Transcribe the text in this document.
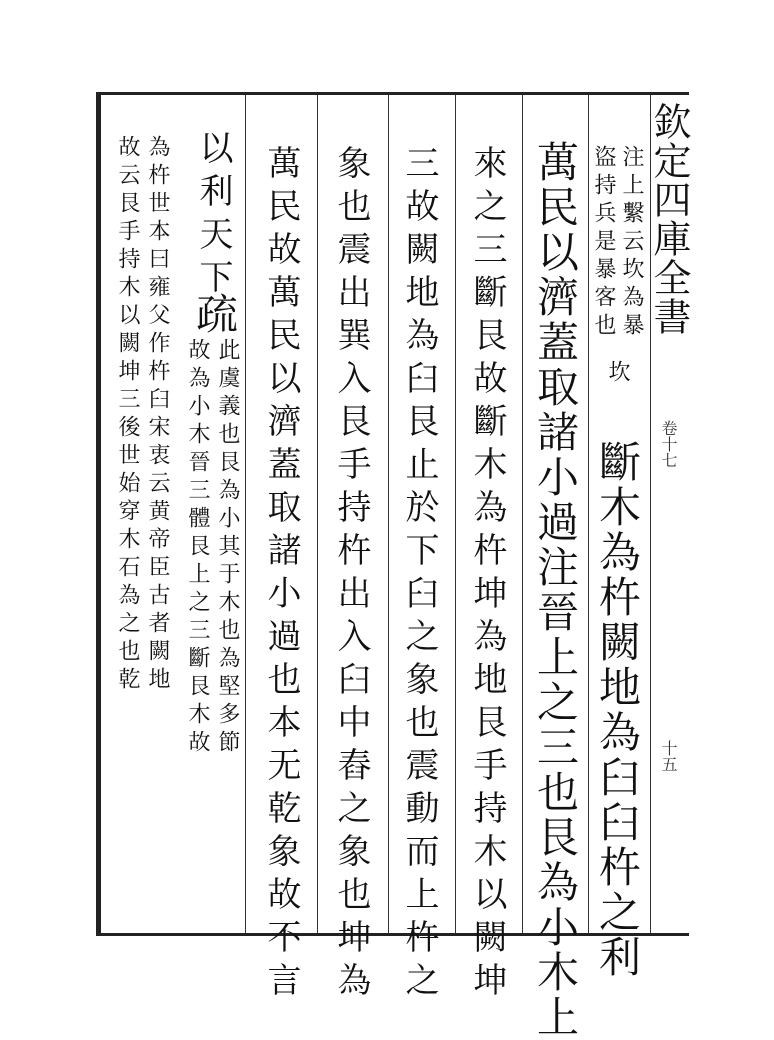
欽定四庫全書
卷十七
十五
注上繫云坎為暴
盜持兵是暴客也
坎
斷木為杵闕地為臼臼杵之利
萬民以濟蓋取諸小過注晉上之三也艮為小木上
來之三斷艮故斷木為杵坤為地艮手持木以闕坤
三故闕地為臼艮止於下臼之象也震動而上杵之
象也震出巽入艮手持杵出入臼中舂之象也坤為
萬民故萬民以濟蓋取諸小過也本无乾象故不言
以利天下
疏
此虞義也艮為小其于木也為堅多節
故為小木晉三體艮上之三斷艮木故
為杵世本曰雍父作杵臼宋衷云黄帝臣古者闕地
故云艮手持木以闕坤三後世始穿木石為之也乾
